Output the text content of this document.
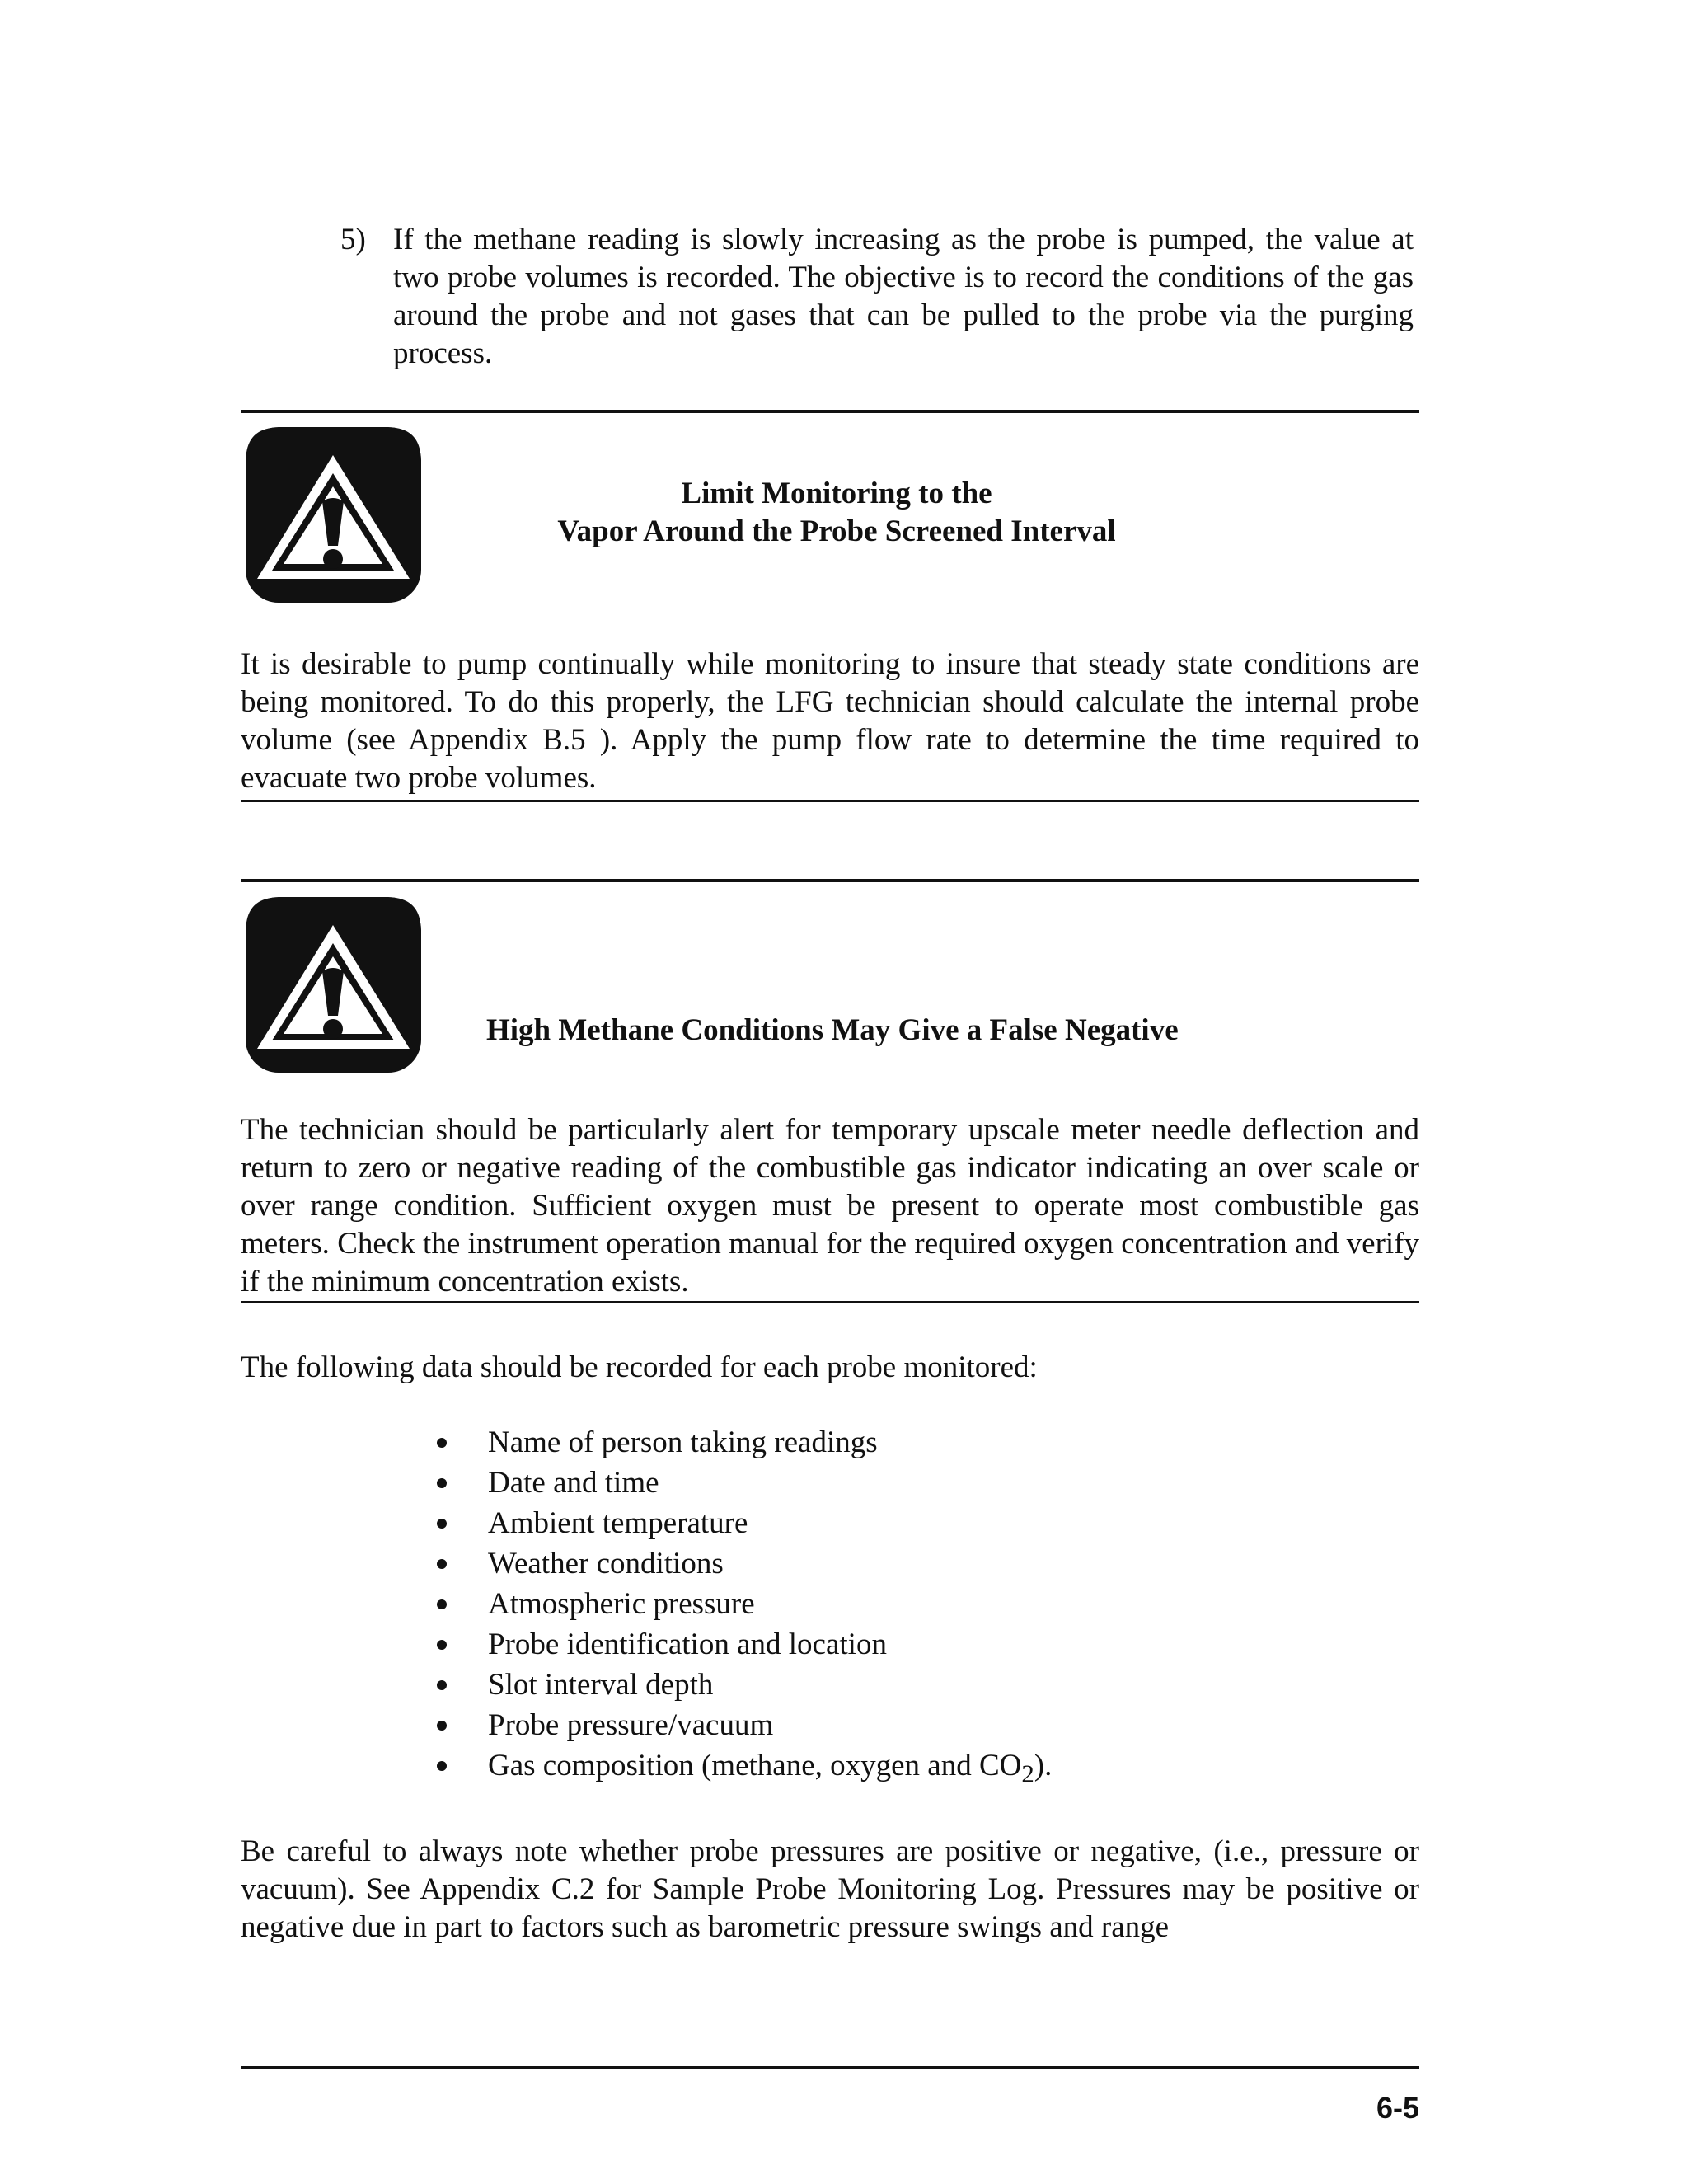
5) If the methane reading is slowly increasing as the probe is pumped, the value at two probe volumes is recorded. The objective is to record the conditions of the gas around the probe and not gases that can be pulled to the probe via the purging process.
Limit Monitoring to the
Vapor Around the Probe Screened Interval
It is desirable to pump continually while monitoring to insure that steady state conditions are being monitored. To do this properly, the LFG technician should calculate the internal probe volume (see Appendix B.5 ). Apply the pump flow rate to determine the time required to evacuate two probe volumes.
High Methane Conditions May Give a False Negative
The technician should be particularly alert for temporary upscale meter needle deflection and return to zero or negative reading of the combustible gas indicator indicating an over scale or over range condition. Sufficient oxygen must be present to operate most combustible gas meters. Check the instrument operation manual for the required oxygen concentration and verify if the minimum concentration exists.
The following data should be recorded for each probe monitored:
Name of person taking readings
Date and time
Ambient temperature
Weather conditions
Atmospheric pressure
Probe identification and location
Slot interval depth
Probe pressure/vacuum
Gas composition (methane, oxygen and $CO_2$).
Be careful to always note whether probe pressures are positive or negative, (i.e., pressure or vacuum). See Appendix C.2 for Sample Probe Monitoring Log. Pressures may be positive or negative due in part to factors such as barometric pressure swings and range
6-5
